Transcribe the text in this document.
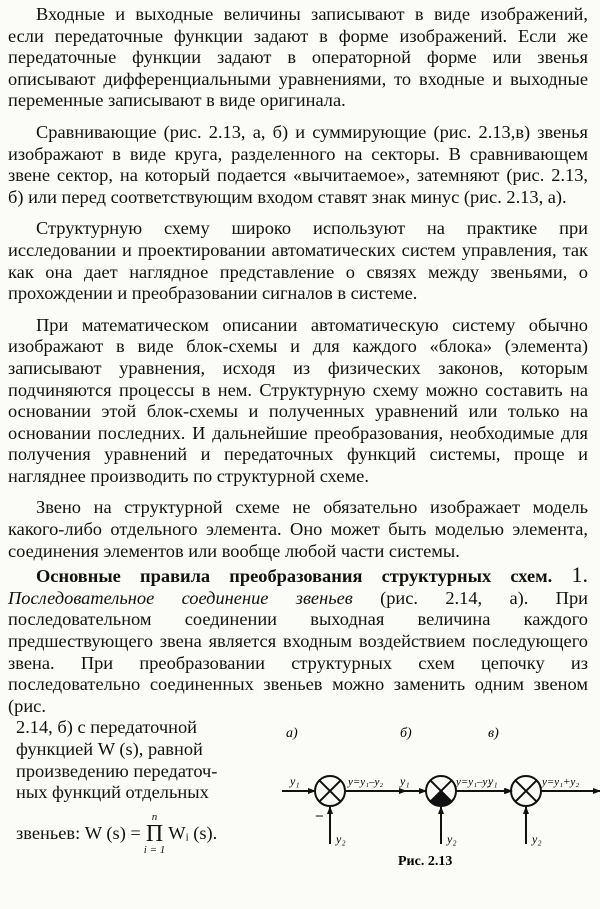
Входные и выходные величины записывают в виде изображений, если передаточные функции задают в форме изображений. Если же передаточные функции задают в операторной форме или звенья описывают дифференциальными уравнениями, то входные и выходные переменные записывают в виде оригинала.

Сравнивающие (рис. 2.13, а, б) и суммирующие (рис. 2.13,в) звенья изображают в виде круга, разделенного на секторы. В сравнивающем звене сектор, на который подается «вычитаемое», затемняют (рис. 2.13, б) или перед соответствующим входом ставят знак минус (рис. 2.13, а).

Структурную схему широко используют на практике при исследовании и проектировании автоматических систем управления, так как она дает наглядное представление о связях между звеньями, о прохождении и преобразовании сигналов в системе.

При математическом описании автоматическую систему обычно изображают в виде блок-схемы и для каждого «блока» (элемента) записывают уравнения, исходя из физических законов, которым подчиняются процессы в нем. Структурную схему можно составить на основании этой блок-схемы и полученных уравнений или только на основании последних. И дальнейшие преобразования, необходимые для получения уравнений и передаточных функций системы, проще и нагляднее производить по структурной схеме.

Звено на структурной схеме не обязательно изображает модель какого-либо отдельного элемента. Оно может быть моделью элемента, соединения элементов или вообще любой части системы.

Основные правила преобразования структурных схем. 1. Последовательное соединение звеньев (рис. 2.14, а). При последовательном соединении выходная величина каждого предшествующего звена является входным воздействием последующего звена. При преобразовании структурных схем цепочку из последовательно соединенных звеньев можно заменить одним звеном (рис.

2.14, б) с передаточной
функцией W (s), равной
произведению передаточ-
ных функций отдельных
звеньев: W (s) =
n
Π
i = 1
Wᵢ (s).
а)
y₁	y=y₁–y₂
y₂
–
б)
y₁	y=y₁–y₂
y₂
в)
y₁	y=y₁+y₂
y₂
Рис. 2.13
